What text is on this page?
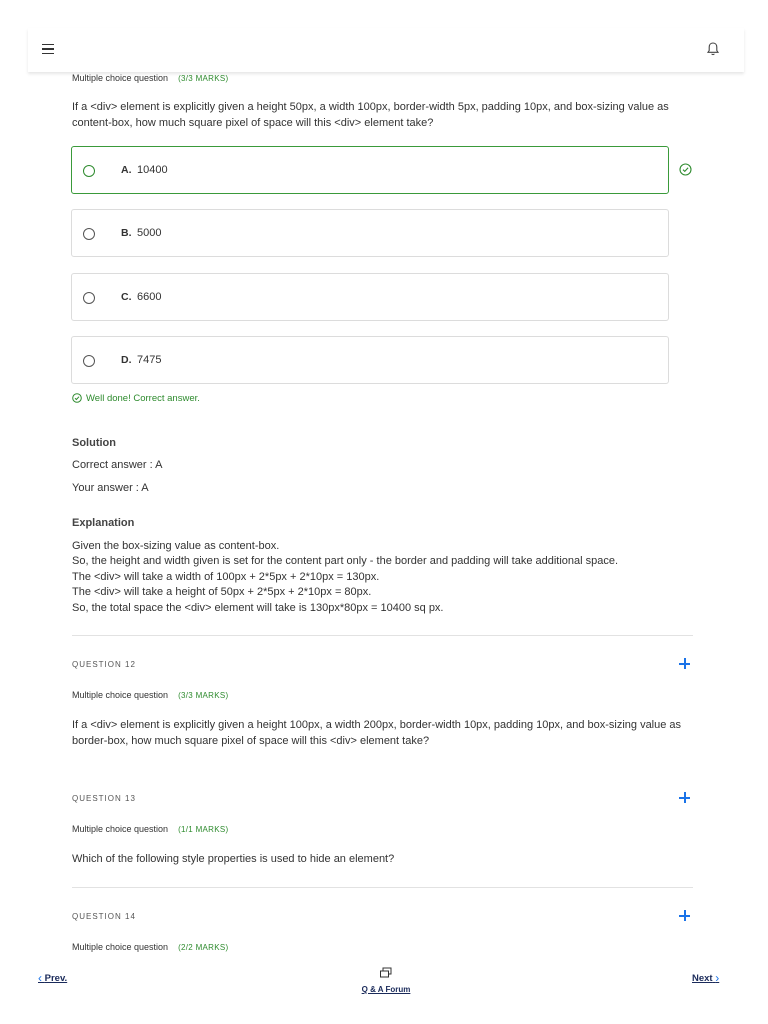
Multiple choice question (3/3 MARKS)
If a <div> element is explicitly given a height 50px, a width 100px, border-width 5px, padding 10px, and box-sizing value as content-box, how much square pixel of space will this <div> element take?
A. 10400
B. 5000
C. 6600
D. 7475
Well done! Correct answer.
Solution
Correct answer : A
Your answer : A
Explanation
Given the box-sizing value as content-box.
So, the height and width given is set for the content part only - the border and padding will take additional space.
The <div> will take a width of 100px + 2*5px + 2*10px = 130px.
The <div> will take a height of 50px + 2*5px + 2*10px = 80px.
So, the total space the <div> element will take is 130px*80px = 10400 sq px.
QUESTION 12
Multiple choice question (3/3 MARKS)
If a <div> element is explicitly given a height 100px, a width 200px, border-width 10px, padding 10px, and box-sizing value as border-box, how much square pixel of space will this <div> element take?
QUESTION 13
Multiple choice question (1/1 MARKS)
Which of the following style properties is used to hide an element?
QUESTION 14
Multiple choice question (2/2 MARKS)
‹ Prev.
Q & A Forum
Next ›
